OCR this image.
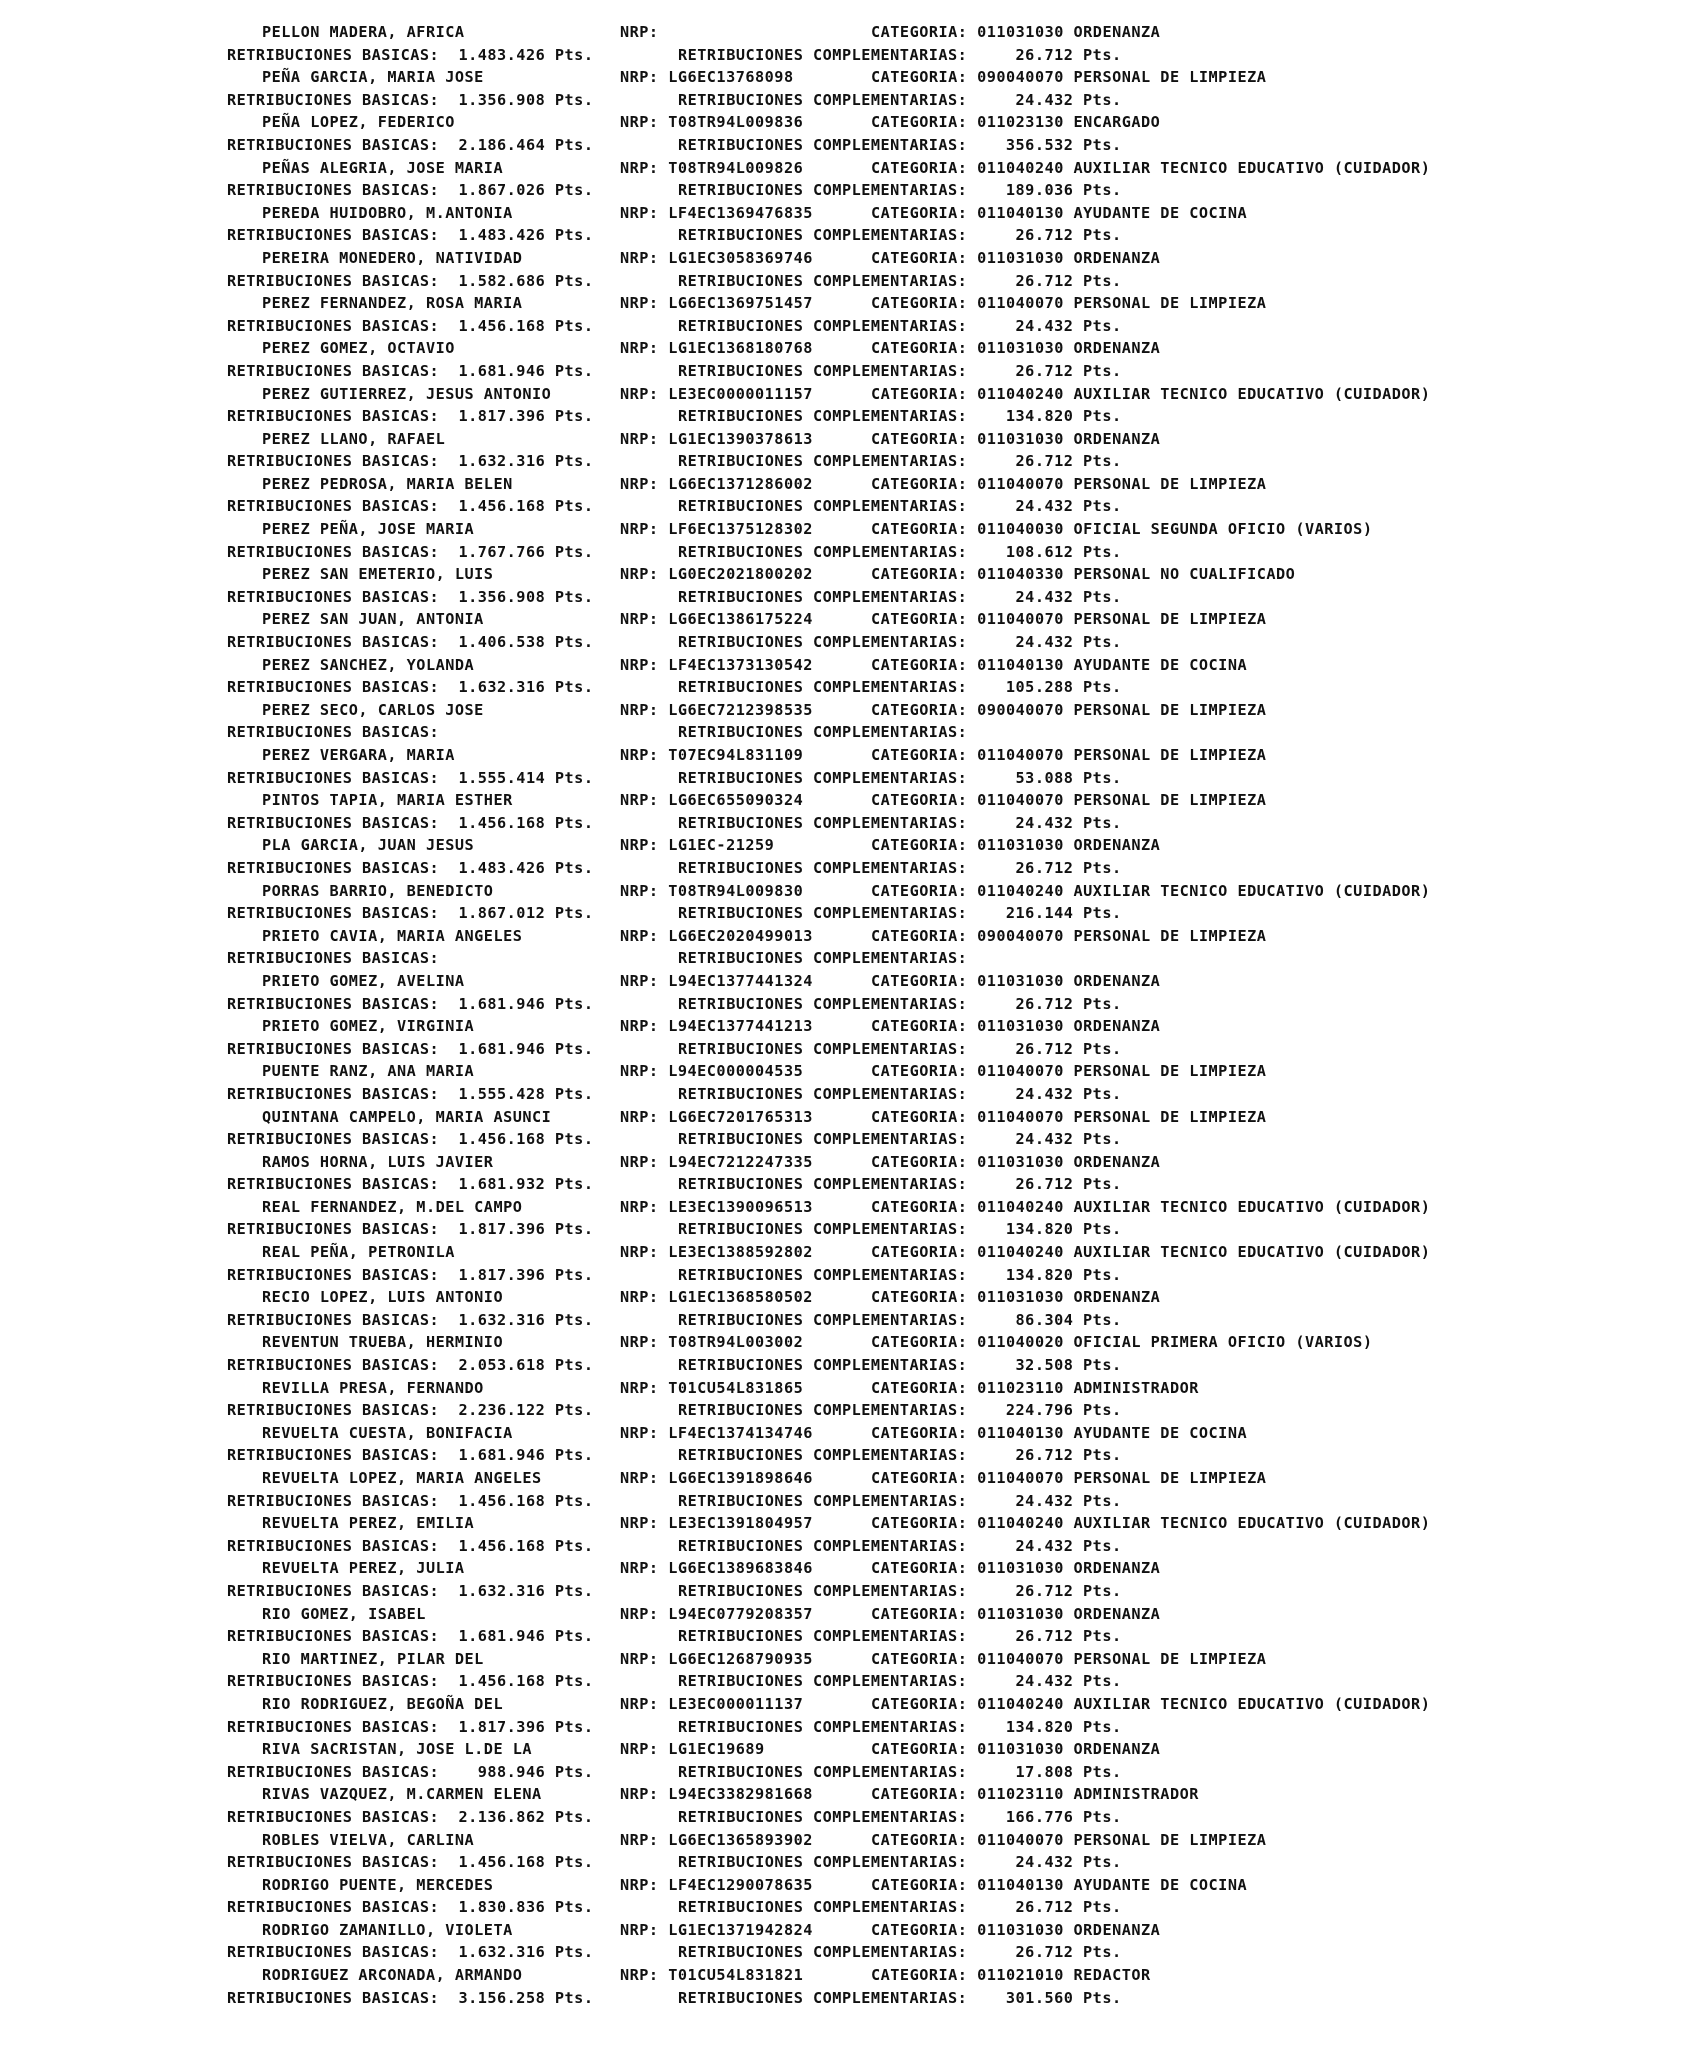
PELLON MADERA, AFRICA	NRP:	CATEGORIA: 011031030 ORDENANZA
RETRIBUCIONES BASICAS:  1.483.426 Pts.	RETRIBUCIONES COMPLEMENTARIAS:     26.712 Pts.
PEÑA GARCIA, MARIA JOSE	NRP: LG6EC13768098	CATEGORIA: 090040070 PERSONAL DE LIMPIEZA
RETRIBUCIONES BASICAS:  1.356.908 Pts.	RETRIBUCIONES COMPLEMENTARIAS:     24.432 Pts.
PEÑA LOPEZ, FEDERICO	NRP: T08TR94L009836	CATEGORIA: 011023130 ENCARGADO
RETRIBUCIONES BASICAS:  2.186.464 Pts.	RETRIBUCIONES COMPLEMENTARIAS:    356.532 Pts.
PEÑAS ALEGRIA, JOSE MARIA	NRP: T08TR94L009826	CATEGORIA: 011040240 AUXILIAR TECNICO EDUCATIVO (CUIDADOR)
RETRIBUCIONES BASICAS:  1.867.026 Pts.	RETRIBUCIONES COMPLEMENTARIAS:    189.036 Pts.
PEREDA HUIDOBRO, M.ANTONIA	NRP: LF4EC1369476835	CATEGORIA: 011040130 AYUDANTE DE COCINA
RETRIBUCIONES BASICAS:  1.483.426 Pts.	RETRIBUCIONES COMPLEMENTARIAS:     26.712 Pts.
PEREIRA MONEDERO, NATIVIDAD	NRP: LG1EC3058369746	CATEGORIA: 011031030 ORDENANZA
RETRIBUCIONES BASICAS:  1.582.686 Pts.	RETRIBUCIONES COMPLEMENTARIAS:     26.712 Pts.
PEREZ FERNANDEZ, ROSA MARIA	NRP: LG6EC1369751457	CATEGORIA: 011040070 PERSONAL DE LIMPIEZA
RETRIBUCIONES BASICAS:  1.456.168 Pts.	RETRIBUCIONES COMPLEMENTARIAS:     24.432 Pts.
PEREZ GOMEZ, OCTAVIO	NRP: LG1EC1368180768	CATEGORIA: 011031030 ORDENANZA
RETRIBUCIONES BASICAS:  1.681.946 Pts.	RETRIBUCIONES COMPLEMENTARIAS:     26.712 Pts.
PEREZ GUTIERREZ, JESUS ANTONIO	NRP: LE3EC0000011157	CATEGORIA: 011040240 AUXILIAR TECNICO EDUCATIVO (CUIDADOR)
RETRIBUCIONES BASICAS:  1.817.396 Pts.	RETRIBUCIONES COMPLEMENTARIAS:    134.820 Pts.
PEREZ LLANO, RAFAEL	NRP: LG1EC1390378613	CATEGORIA: 011031030 ORDENANZA
RETRIBUCIONES BASICAS:  1.632.316 Pts.	RETRIBUCIONES COMPLEMENTARIAS:     26.712 Pts.
PEREZ PEDROSA, MARIA BELEN	NRP: LG6EC1371286002	CATEGORIA: 011040070 PERSONAL DE LIMPIEZA
RETRIBUCIONES BASICAS:  1.456.168 Pts.	RETRIBUCIONES COMPLEMENTARIAS:     24.432 Pts.
PEREZ PEÑA, JOSE MARIA	NRP: LF6EC1375128302	CATEGORIA: 011040030 OFICIAL SEGUNDA OFICIO (VARIOS)
RETRIBUCIONES BASICAS:  1.767.766 Pts.	RETRIBUCIONES COMPLEMENTARIAS:    108.612 Pts.
PEREZ SAN EMETERIO, LUIS	NRP: LG0EC2021800202	CATEGORIA: 011040330 PERSONAL NO CUALIFICADO
RETRIBUCIONES BASICAS:  1.356.908 Pts.	RETRIBUCIONES COMPLEMENTARIAS:     24.432 Pts.
PEREZ SAN JUAN, ANTONIA	NRP: LG6EC1386175224	CATEGORIA: 011040070 PERSONAL DE LIMPIEZA
RETRIBUCIONES BASICAS:  1.406.538 Pts.	RETRIBUCIONES COMPLEMENTARIAS:     24.432 Pts.
PEREZ SANCHEZ, YOLANDA	NRP: LF4EC1373130542	CATEGORIA: 011040130 AYUDANTE DE COCINA
RETRIBUCIONES BASICAS:  1.632.316 Pts.	RETRIBUCIONES COMPLEMENTARIAS:    105.288 Pts.
PEREZ SECO, CARLOS JOSE	NRP: LG6EC7212398535	CATEGORIA: 090040070 PERSONAL DE LIMPIEZA
RETRIBUCIONES BASICAS:	RETRIBUCIONES COMPLEMENTARIAS:
PEREZ VERGARA, MARIA	NRP: T07EC94L831109	CATEGORIA: 011040070 PERSONAL DE LIMPIEZA
RETRIBUCIONES BASICAS:  1.555.414 Pts.	RETRIBUCIONES COMPLEMENTARIAS:     53.088 Pts.
PINTOS TAPIA, MARIA ESTHER	NRP: LG6EC655090324	CATEGORIA: 011040070 PERSONAL DE LIMPIEZA
RETRIBUCIONES BASICAS:  1.456.168 Pts.	RETRIBUCIONES COMPLEMENTARIAS:     24.432 Pts.
PLA GARCIA, JUAN JESUS	NRP: LG1EC-21259	CATEGORIA: 011031030 ORDENANZA
RETRIBUCIONES BASICAS:  1.483.426 Pts.	RETRIBUCIONES COMPLEMENTARIAS:     26.712 Pts.
PORRAS BARRIO, BENEDICTO	NRP: T08TR94L009830	CATEGORIA: 011040240 AUXILIAR TECNICO EDUCATIVO (CUIDADOR)
RETRIBUCIONES BASICAS:  1.867.012 Pts.	RETRIBUCIONES COMPLEMENTARIAS:    216.144 Pts.
PRIETO CAVIA, MARIA ANGELES	NRP: LG6EC2020499013	CATEGORIA: 090040070 PERSONAL DE LIMPIEZA
RETRIBUCIONES BASICAS:	RETRIBUCIONES COMPLEMENTARIAS:
PRIETO GOMEZ, AVELINA	NRP: L94EC1377441324	CATEGORIA: 011031030 ORDENANZA
RETRIBUCIONES BASICAS:  1.681.946 Pts.	RETRIBUCIONES COMPLEMENTARIAS:     26.712 Pts.
PRIETO GOMEZ, VIRGINIA	NRP: L94EC1377441213	CATEGORIA: 011031030 ORDENANZA
RETRIBUCIONES BASICAS:  1.681.946 Pts.	RETRIBUCIONES COMPLEMENTARIAS:     26.712 Pts.
PUENTE RANZ, ANA MARIA	NRP: L94EC000004535	CATEGORIA: 011040070 PERSONAL DE LIMPIEZA
RETRIBUCIONES BASICAS:  1.555.428 Pts.	RETRIBUCIONES COMPLEMENTARIAS:     24.432 Pts.
QUINTANA CAMPELO, MARIA ASUNCI	NRP: LG6EC7201765313	CATEGORIA: 011040070 PERSONAL DE LIMPIEZA
RETRIBUCIONES BASICAS:  1.456.168 Pts.	RETRIBUCIONES COMPLEMENTARIAS:     24.432 Pts.
RAMOS HORNA, LUIS JAVIER	NRP: L94EC7212247335	CATEGORIA: 011031030 ORDENANZA
RETRIBUCIONES BASICAS:  1.681.932 Pts.	RETRIBUCIONES COMPLEMENTARIAS:     26.712 Pts.
REAL FERNANDEZ, M.DEL CAMPO	NRP: LE3EC1390096513	CATEGORIA: 011040240 AUXILIAR TECNICO EDUCATIVO (CUIDADOR)
RETRIBUCIONES BASICAS:  1.817.396 Pts.	RETRIBUCIONES COMPLEMENTARIAS:    134.820 Pts.
REAL PEÑA, PETRONILA	NRP: LE3EC1388592802	CATEGORIA: 011040240 AUXILIAR TECNICO EDUCATIVO (CUIDADOR)
RETRIBUCIONES BASICAS:  1.817.396 Pts.	RETRIBUCIONES COMPLEMENTARIAS:    134.820 Pts.
RECIO LOPEZ, LUIS ANTONIO	NRP: LG1EC1368580502	CATEGORIA: 011031030 ORDENANZA
RETRIBUCIONES BASICAS:  1.632.316 Pts.	RETRIBUCIONES COMPLEMENTARIAS:     86.304 Pts.
REVENTUN TRUEBA, HERMINIO	NRP: T08TR94L003002	CATEGORIA: 011040020 OFICIAL PRIMERA OFICIO (VARIOS)
RETRIBUCIONES BASICAS:  2.053.618 Pts.	RETRIBUCIONES COMPLEMENTARIAS:     32.508 Pts.
REVILLA PRESA, FERNANDO	NRP: T01CU54L831865	CATEGORIA: 011023110 ADMINISTRADOR
RETRIBUCIONES BASICAS:  2.236.122 Pts.	RETRIBUCIONES COMPLEMENTARIAS:    224.796 Pts.
REVUELTA CUESTA, BONIFACIA	NRP: LF4EC1374134746	CATEGORIA: 011040130 AYUDANTE DE COCINA
RETRIBUCIONES BASICAS:  1.681.946 Pts.	RETRIBUCIONES COMPLEMENTARIAS:     26.712 Pts.
REVUELTA LOPEZ, MARIA ANGELES	NRP: LG6EC1391898646	CATEGORIA: 011040070 PERSONAL DE LIMPIEZA
RETRIBUCIONES BASICAS:  1.456.168 Pts.	RETRIBUCIONES COMPLEMENTARIAS:     24.432 Pts.
REVUELTA PEREZ, EMILIA	NRP: LE3EC1391804957	CATEGORIA: 011040240 AUXILIAR TECNICO EDUCATIVO (CUIDADOR)
RETRIBUCIONES BASICAS:  1.456.168 Pts.	RETRIBUCIONES COMPLEMENTARIAS:     24.432 Pts.
REVUELTA PEREZ, JULIA	NRP: LG6EC1389683846	CATEGORIA: 011031030 ORDENANZA
RETRIBUCIONES BASICAS:  1.632.316 Pts.	RETRIBUCIONES COMPLEMENTARIAS:     26.712 Pts.
RIO GOMEZ, ISABEL	NRP: L94EC0779208357	CATEGORIA: 011031030 ORDENANZA
RETRIBUCIONES BASICAS:  1.681.946 Pts.	RETRIBUCIONES COMPLEMENTARIAS:     26.712 Pts.
RIO MARTINEZ, PILAR DEL	NRP: LG6EC1268790935	CATEGORIA: 011040070 PERSONAL DE LIMPIEZA
RETRIBUCIONES BASICAS:  1.456.168 Pts.	RETRIBUCIONES COMPLEMENTARIAS:     24.432 Pts.
RIO RODRIGUEZ, BEGOÑA DEL	NRP: LE3EC000011137	CATEGORIA: 011040240 AUXILIAR TECNICO EDUCATIVO (CUIDADOR)
RETRIBUCIONES BASICAS:  1.817.396 Pts.	RETRIBUCIONES COMPLEMENTARIAS:    134.820 Pts.
RIVA SACRISTAN, JOSE L.DE LA	NRP: LG1EC19689	CATEGORIA: 011031030 ORDENANZA
RETRIBUCIONES BASICAS:    988.946 Pts.	RETRIBUCIONES COMPLEMENTARIAS:     17.808 Pts.
RIVAS VAZQUEZ, M.CARMEN ELENA	NRP: L94EC3382981668	CATEGORIA: 011023110 ADMINISTRADOR
RETRIBUCIONES BASICAS:  2.136.862 Pts.	RETRIBUCIONES COMPLEMENTARIAS:    166.776 Pts.
ROBLES VIELVA, CARLINA	NRP: LG6EC1365893902	CATEGORIA: 011040070 PERSONAL DE LIMPIEZA
RETRIBUCIONES BASICAS:  1.456.168 Pts.	RETRIBUCIONES COMPLEMENTARIAS:     24.432 Pts.
RODRIGO PUENTE, MERCEDES	NRP: LF4EC1290078635	CATEGORIA: 011040130 AYUDANTE DE COCINA
RETRIBUCIONES BASICAS:  1.830.836 Pts.	RETRIBUCIONES COMPLEMENTARIAS:     26.712 Pts.
RODRIGO ZAMANILLO, VIOLETA	NRP: LG1EC1371942824	CATEGORIA: 011031030 ORDENANZA
RETRIBUCIONES BASICAS:  1.632.316 Pts.	RETRIBUCIONES COMPLEMENTARIAS:     26.712 Pts.
RODRIGUEZ ARCONADA, ARMANDO	NRP: T01CU54L831821	CATEGORIA: 011021010 REDACTOR
RETRIBUCIONES BASICAS:  3.156.258 Pts.	RETRIBUCIONES COMPLEMENTARIAS:    301.560 Pts.
